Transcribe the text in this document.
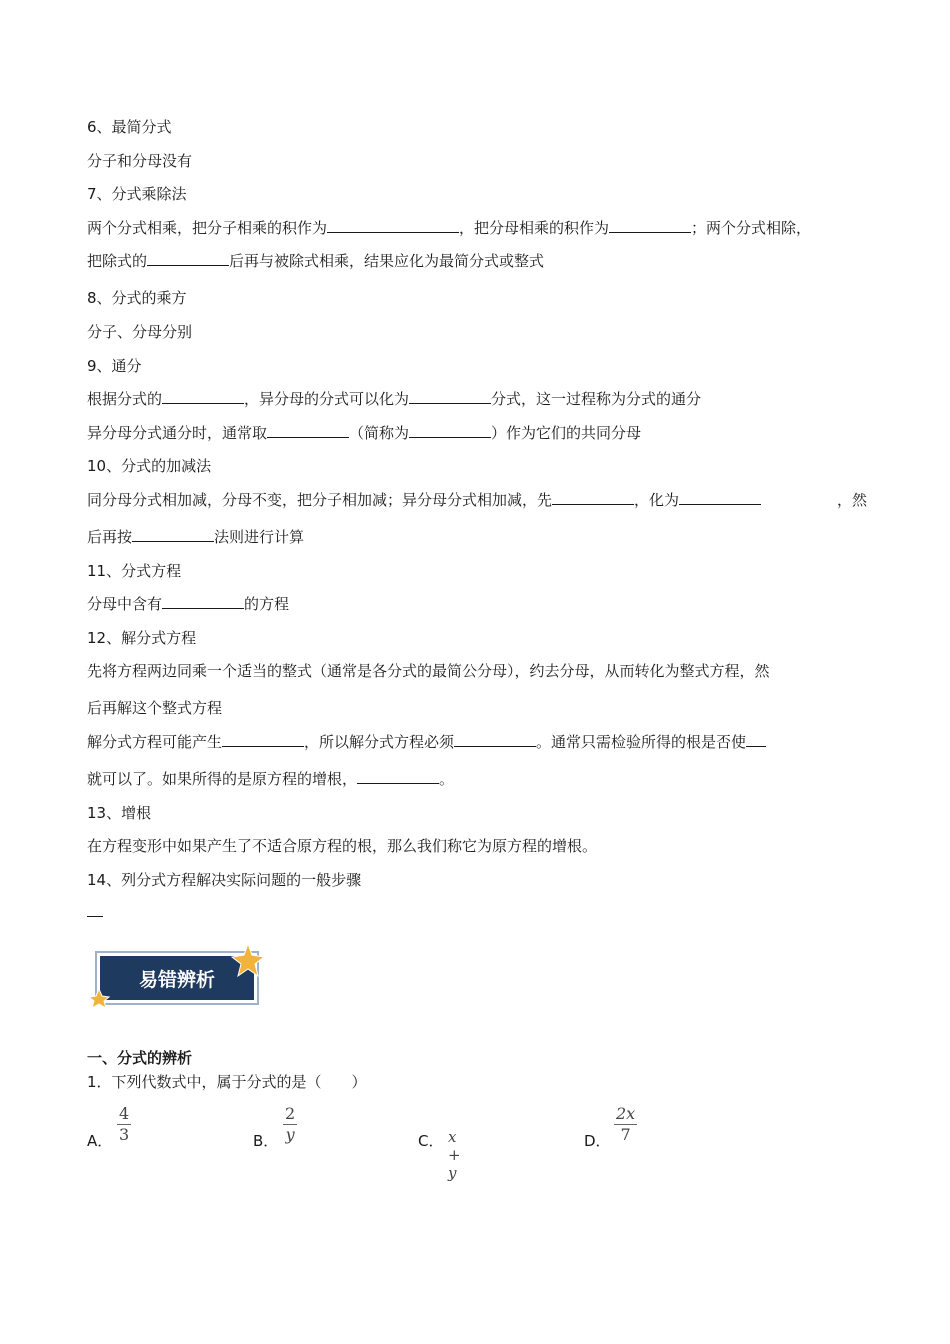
6、最简分式
分子和分母没有
7、分式乘除法
两个分式相乘，把分子相乘的积作为	，把分母相乘的积作为	；两个分式相除，
把除式的	后再与被除式相乘，结果应化为最简分式或整式
8、分式的乘方
分子、分母分别
9、通分
根据分式的	，异分母的分式可以化为	分式，这一过程称为分式的通分
异分母分式通分时，通常取	（简称为	）作为它们的共同分母
10、分式的加减法
同分母分式相加减，分母不变，把分子相加减；异分母分式相加减，先	，化为	，然
后再按	法则进行计算
11、分式方程
分母中含有	的方程
12、解分式方程
先将方程两边同乘一个适当的整式（通常是各分式的最简公分母），约去分母，从而转化为整式方程，然
后再解这个整式方程
解分式方程可能产生	，所以解分式方程必须	。通常只需检验所得的根是否使
就可以了。如果所得的是原方程的增根，	。
13、增根
在方程变形中如果产生了不适合原方程的根，那么我们称它为原方程的增根。
14、列分式方程解决实际问题的一般步骤
易错辨析
一、分式的辨析
1．下列代数式中，属于分式的是（　　）
A．
4
3	B．
2
y	C． x + y
D．
2x
7
